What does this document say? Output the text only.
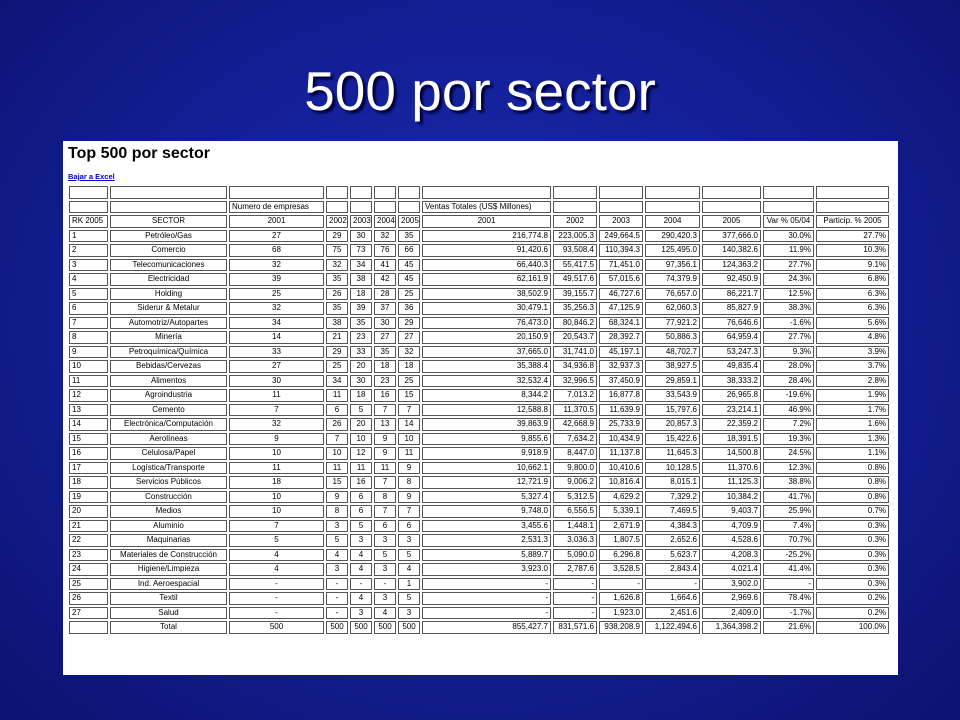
500 por sector
Top 500 por sector
Bajar a Excel

		Numero de empresas					Ventas Totales (US$ Millones)						
RK 2005	SECTOR	2001	2002	2003	2004	2005	2001	2002	2003	2004	2005	Var % 05/04	Particip. % 2005
1	Petróleo/Gas	27	29	30	32	35	216,774.8	223,005.3	249,664.5	290,420.3	377,666.0	30.0%	27.7%
2	Comercio	68	75	73	76	66	91,420.6	93,508.4	110,394.3	125,495.0	140,382.6	11.9%	10.3%
3	Telecomunicaciones	32	32	34	41	45	66,440.3	55,417.5	71,451.0	97,356.1	124,363.2	27.7%	9.1%
4	Electricidad	39	35	38	42	45	62,161.9	49,517.6	57,015.6	74,379.9	92,450.9	24.3%	6.8%
5	Holding	25	26	18	28	25	38,502.9	39,155.7	46,727.6	76,657.0	86,221.7	12.5%	6.3%
6	Siderur & Metalur	32	35	39	37	36	30,479.1	35,256.3	47,125.9	62,060.3	85,827.9	38.3%	6.3%
7	Automotriz/Autopartes	34	38	35	30	29	76,473.0	80,846.2	68,324.1	77,921.2	76,646.6	-1.6%	5.6%
8	Minería	14	21	23	27	27	20,150.9	20,543.7	28,392.7	50,886.3	64,959.4	27.7%	4.8%
9	Petroquímica/Química	33	29	33	35	32	37,665.0	31,741.0	45,197.1	48,702.7	53,247.3	9.3%	3.9%
10	Bebidas/Cervezas	27	25	20	18	18	35,388.4	34,936.8	32,937.3	38,927.5	49,835.4	28.0%	3.7%
11	Alimentos	30	34	30	23	25	32,532.4	32,996.5	37,450.9	29,859.1	38,333.2	28.4%	2.8%
12	Agroindustria	11	11	18	16	15	8,344.2	7,013.2	16,877.8	33,543.9	26,965.8	-19.6%	1.9%
13	Cemento	7	6	5	7	7	12,588.8	11,370.5	11,639.9	15,797.6	23,214.1	46.9%	1.7%
14	Electrónica/Computación	32	26	20	13	14	39,863.9	42,668.9	25,733.9	20,857.3	22,359.2	7.2%	1.6%
15	Aerolíneas	9	7	10	9	10	9,855.6	7,634.2	10,434.9	15,422.6	18,391.5	19.3%	1.3%
16	Celulosa/Papel	10	10	12	9	11	9,918.9	8,447.0	11,137.8	11,645.3	14,500.8	24.5%	1.1%
17	Logística/Transporte	11	11	11	11	9	10,662.1	9,800.0	10,410.6	10,128.5	11,370.6	12.3%	0.8%
18	Servicios Públicos	18	15	16	7	8	12,721.9	9,006.2	10,816.4	8,015.1	11,125.3	38.8%	0.8%
19	Construcción	10	9	6	8	9	5,327.4	5,312.5	4,629.2	7,329.2	10,384.2	41.7%	0.8%
20	Medios	10	8	6	7	7	9,748.0	6,556.5	5,339.1	7,469.5	9,403.7	25.9%	0.7%
21	Aluminio	7	3	5	6	6	3,455.6	1,448.1	2,671.9	4,384.3	4,709.9	7.4%	0.3%
22	Maquinarias	5	5	3	3	3	2,531.3	3,036.3	1,807.5	2,652.6	4,528.6	70.7%	0.3%
23	Materiales de Construcción	4	4	4	5	5	5,889.7	5,090.0	6,296.8	5,623.7	4,208.3	-25.2%	0.3%
24	Higiene/Limpieza	4	3	4	3	4	3,923.0	2,787.6	3,528.5	2,843.4	4,021.4	41.4%	0.3%
25	Ind. Aeroespacial	-	-	-	-	1	-	-	-	-	3,902.0	-	0.3%
26	Textil	-	-	4	3	5	-	-	1,626.8	1,664.6	2,969.6	78.4%	0.2%
27	Salud	-	-	3	4	3	-	-	1,923.0	2,451.6	2,409.0	-1.7%	0.2%
	Total	500	500	500	500	500	855,427.7	831,571.6	938,208.9	1,122,494.6	1,364,398.2	21.6%	100.0%
